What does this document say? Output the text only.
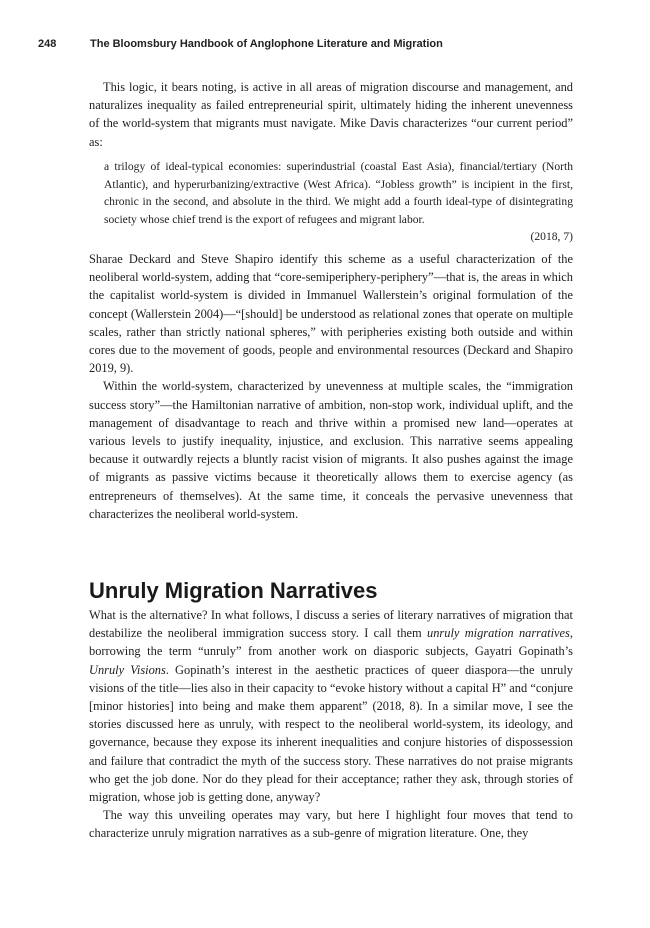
248	The Bloomsbury Handbook of Anglophone Literature and Migration

This logic, it bears noting, is active in all areas of migration discourse and management, and naturalizes inequality as failed entrepreneurial spirit, ultimately hiding the inherent unevenness of the world-system that migrants must navigate. Mike Davis characterizes “our current period” as:

a trilogy of ideal-typical economies: superindustrial (coastal East Asia), financial/tertiary (North Atlantic), and hyperurbanizing/extractive (West Africa). “Jobless growth” is incipient in the first, chronic in the second, and absolute in the third. We might add a fourth ideal-type of disintegrating society whose chief trend is the export of refugees and migrant labor.

(2018, 7)

Sharae Deckard and Steve Shapiro identify this scheme as a useful characterization of the neoliberal world-system, adding that “core-semiperiphery-periphery”—that is, the areas in which the capitalist world-system is divided in Immanuel Wallerstein’s original formulation of the concept (Wallerstein 2004)—“[should] be understood as relational zones that operate on multiple scales, rather than strictly national spheres,” with peripheries existing both outside and within cores due to the movement of goods, people and environmental resources (Deckard and Shapiro 2019, 9).

Within the world-system, characterized by unevenness at multiple scales, the “immigration success story”—the Hamiltonian narrative of ambition, non-stop work, individual uplift, and the management of disadvantage to reach and thrive within a promised new land—operates at various levels to justify inequality, injustice, and exclusion. This narrative seems appealing because it outwardly rejects a bluntly racist vision of migrants. It also pushes against the image of migrants as passive victims because it theoretically allows them to exercise agency (as entrepreneurs of themselves). At the same time, it conceals the pervasive unevenness that characterizes the neoliberal world-system.

Unruly Migration Narratives

What is the alternative? In what follows, I discuss a series of literary narratives of migration that destabilize the neoliberal immigration success story. I call them unruly migration narratives, borrowing the term “unruly” from another work on diasporic subjects, Gayatri Gopinath’s Unruly Visions. Gopinath’s interest in the aesthetic practices of queer diaspora—the unruly visions of the title—lies also in their capacity to “evoke history without a capital H” and “conjure [minor histories] into being and make them apparent” (2018, 8). In a similar move, I see the stories discussed here as unruly, with respect to the neoliberal world-system, its ideology, and governance, because they expose its inherent inequalities and conjure histories of dispossession and failure that contradict the myth of the success story. These narratives do not praise migrants who get the job done. Nor do they plead for their acceptance; rather they ask, through stories of migration, whose job is getting done, anyway?

The way this unveiling operates may vary, but here I highlight four moves that tend to characterize unruly migration narratives as a sub-genre of migration literature. One, they
